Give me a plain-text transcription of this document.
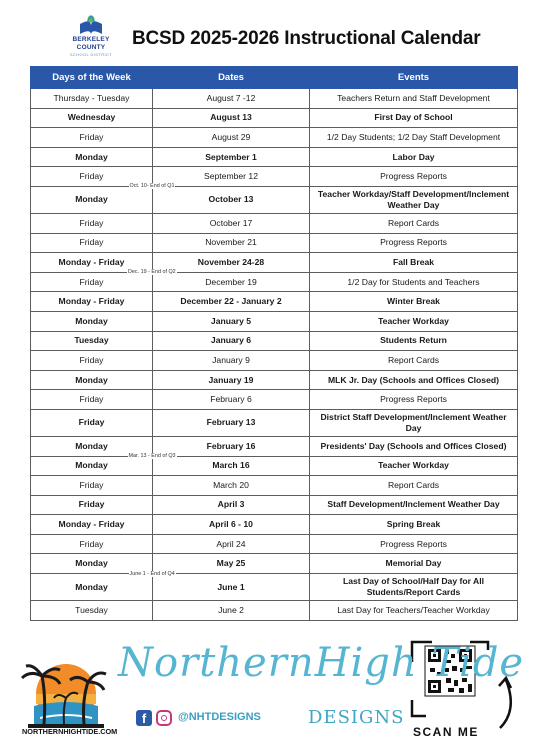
BERKELEY COUNTY
SCHOOL DISTRICT
BCSD 2025-2026 Instructional Calendar
Days of the Week	Dates	Events
Thursday - Tuesday	August 7 -12	Teachers Return and Staff Development
Wednesday	August 13	First Day of School
Friday	August 29	1/2 Day Students; 1/2 Day Staff Development
Monday	September 1	Labor Day
Friday	September 12	Progress Reports
Monday	October 13	Teacher Workday/Staff Development/Inclement Weather Day
Friday	October 17	Report Cards
Friday	November 21	Progress Reports
Monday - Friday	November 24-28	Fall Break
Friday	December 19	1/2 Day for Students and Teachers
Monday - Friday	December 22 - January 2	Winter Break
Monday	January 5	Teacher Workday
Tuesday	January 6	Students Return
Friday	January 9	Report Cards
Monday	January 19	MLK Jr. Day (Schools and Offices Closed)
Friday	February 6	Progress Reports
Friday	February 13	District Staff Development/Inclement Weather Day
Monday	February 16	Presidents' Day (Schools and Offices Closed)
Monday	March 16	Teacher Workday
Friday	March 20	Report Cards
Friday	April 3	Staff Development/Inclement Weather Day
Monday - Friday	April 6 - 10	Spring Break
Friday	April 24	Progress Reports
Monday	May 25	Memorial Day
Monday	June 1	Last Day of School/Half Day for All Students/Report Cards
Tuesday	June 2	Last Day for Teachers/Teacher Workday
Oct. 10- End of Q1
Dec. 19 - End of Q2
Mar. 13 - End of Q3
June 1 - End of Q4
NORTHERNHIGHTIDE.COM
f	@NHTDESIGNS
NorthernHigh Tide
DESIGNS
SCAN ME
